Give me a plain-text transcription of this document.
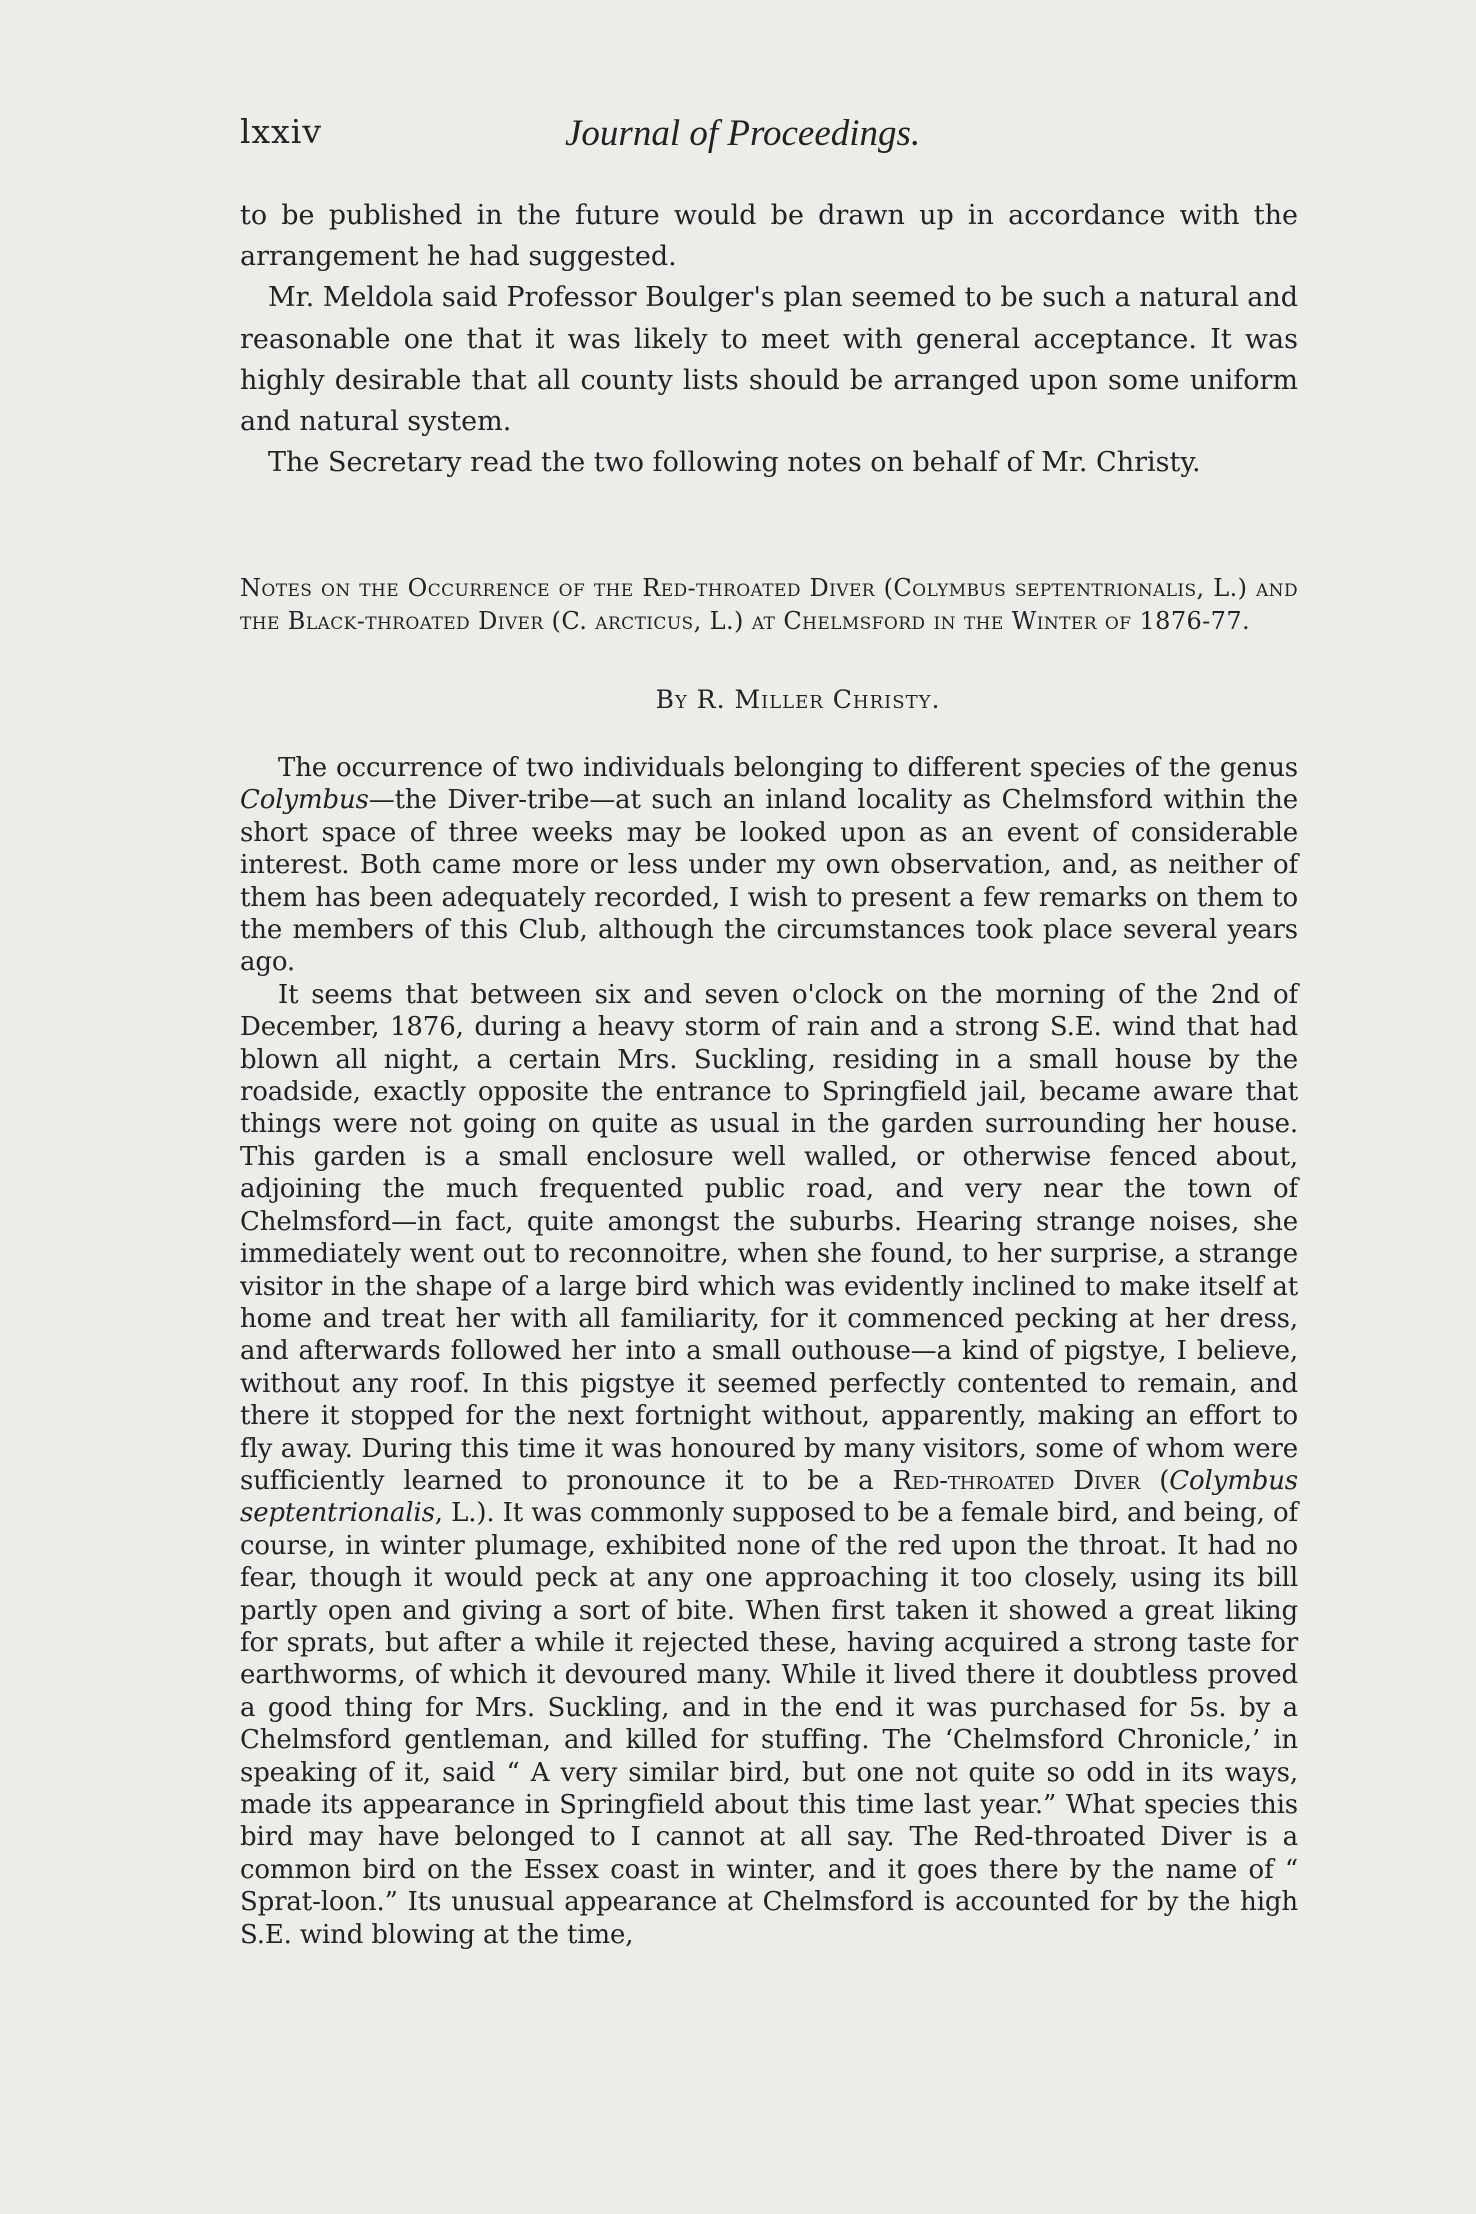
lxxiv	Journal of Proceedings.

to be published in the future would be drawn up in accordance with the arrangement he had suggested.

Mr. Meldola said Professor Boulger's plan seemed to be such a natural and reasonable one that it was likely to meet with general acceptance. It was highly desirable that all county lists should be arranged upon some uniform and natural system.

The Secretary read the two following notes on behalf of Mr. Christy.

Notes on the Occurrence of the Red-throated Diver (Colymbus septentrionalis, L.) and the Black-throated Diver (C. arcticus, L.) at Chelmsford in the Winter of 1876-77.
By R. Miller Christy.

The occurrence of two individuals belonging to different species of the genus Colymbus—the Diver-tribe—at such an inland locality as Chelmsford within the short space of three weeks may be looked upon as an event of considerable interest. Both came more or less under my own observation, and, as neither of them has been adequately recorded, I wish to present a few remarks on them to the members of this Club, although the circumstances took place several years ago.

It seems that between six and seven o'clock on the morning of the 2nd of December, 1876, during a heavy storm of rain and a strong S.E. wind that had blown all night, a certain Mrs. Suckling, residing in a small house by the roadside, exactly opposite the entrance to Springfield jail, became aware that things were not going on quite as usual in the garden surrounding her house. This garden is a small enclosure well walled, or otherwise fenced about, adjoining the much frequented public road, and very near the town of Chelmsford—in fact, quite amongst the suburbs. Hearing strange noises, she immediately went out to reconnoitre, when she found, to her surprise, a strange visitor in the shape of a large bird which was evidently inclined to make itself at home and treat her with all familiarity, for it commenced pecking at her dress, and afterwards followed her into a small outhouse—a kind of pigstye, I believe, without any roof. In this pigstye it seemed perfectly contented to remain, and there it stopped for the next fortnight without, apparently, making an effort to fly away. During this time it was honoured by many visitors, some of whom were sufficiently learned to pronounce it to be a Red-throated Diver (Colymbus septentrionalis, L.). It was commonly supposed to be a female bird, and being, of course, in winter plumage, exhibited none of the red upon the throat. It had no fear, though it would peck at any one approaching it too closely, using its bill partly open and giving a sort of bite. When first taken it showed a great liking for sprats, but after a while it rejected these, having acquired a strong taste for earthworms, of which it devoured many. While it lived there it doubtless proved a good thing for Mrs. Suckling, and in the end it was purchased for 5s. by a Chelmsford gentleman, and killed for stuffing. The ‘Chelmsford Chronicle,’ in speaking of it, said “ A very similar bird, but one not quite so odd in its ways, made its appearance in Springfield about this time last year.” What species this bird may have belonged to I cannot at all say. The Red-throated Diver is a common bird on the Essex coast in winter, and it goes there by the name of “ Sprat-loon.” Its unusual appearance at Chelmsford is accounted for by the high S.E. wind blowing at the time,
